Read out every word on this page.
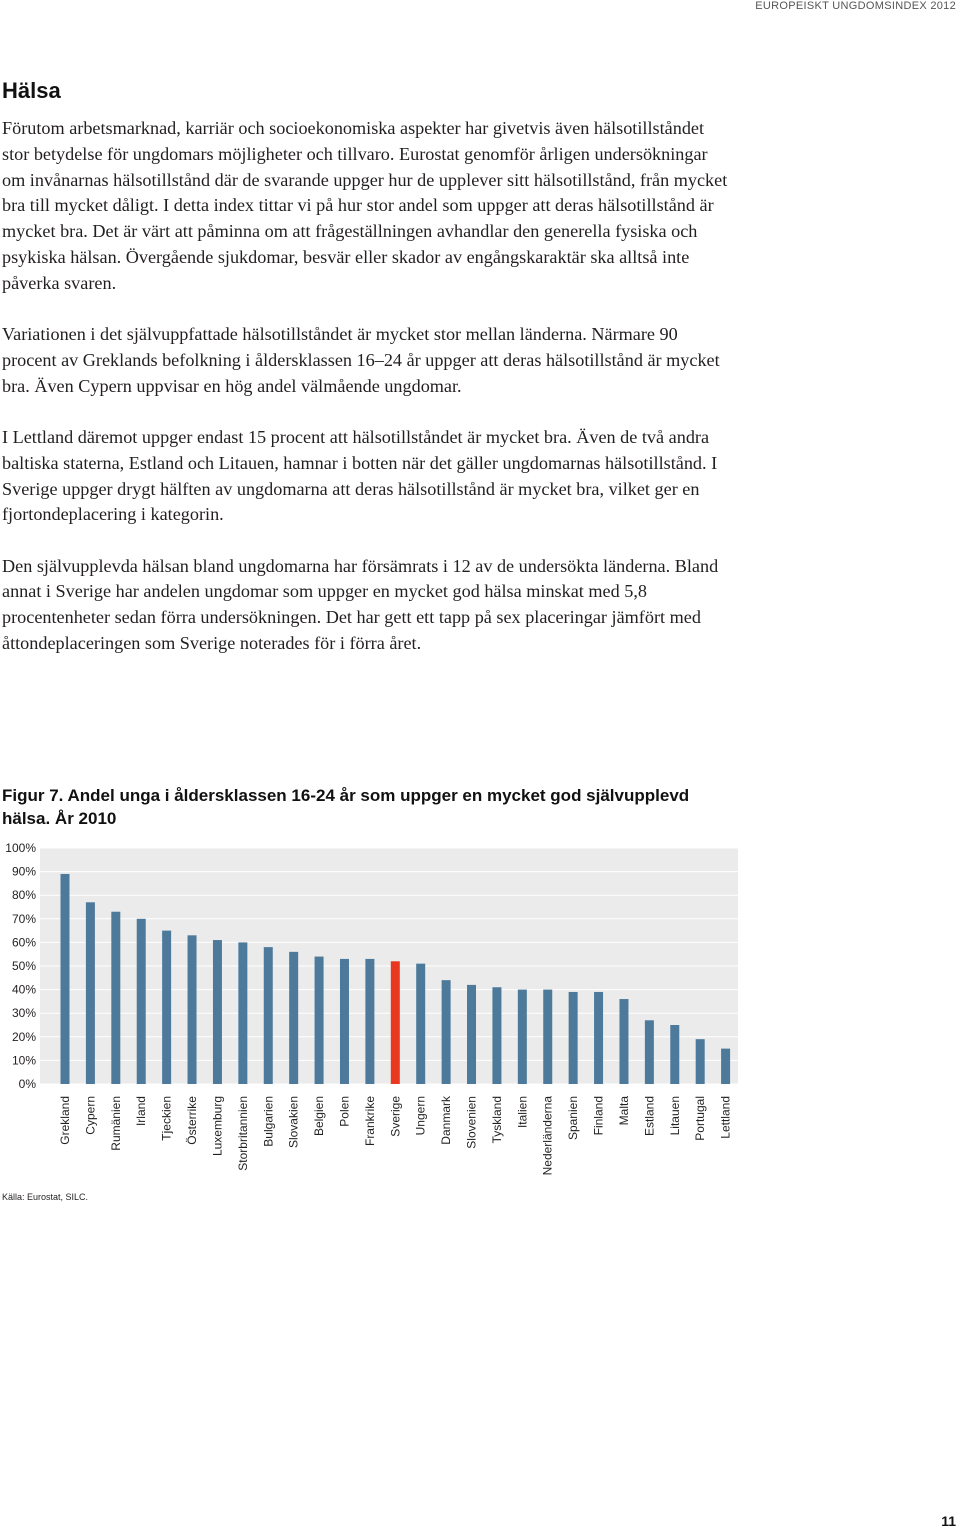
EUROPEISKT UNGDOMSINDEX 2012
Hälsa

Förutom arbetsmarknad, karriär och socioekonomiska aspekter har givetvis även hälsotillståndet stor betydelse för ungdomars möjligheter och tillvaro. Eurostat genomför årligen undersökningar om invånarnas hälsotillstånd där de svarande uppger hur de upplever sitt hälsotillstånd, från mycket bra till mycket dåligt. I detta index tittar vi på hur stor andel som uppger att deras hälsotillstånd är mycket bra. Det är värt att påminna om att frågeställningen avhandlar den generella fysiska och psykiska hälsan. Övergående sjukdomar, besvär eller skador av engångskaraktär ska alltså inte påverka svaren.

Variationen i det självuppfattade hälsotillståndet är mycket stor mellan länderna. Närmare 90 procent av Greklands befolkning i åldersklassen 16–24 år uppger att deras hälsotillstånd är mycket bra. Även Cypern uppvisar en hög andel välmående ungdomar.

I Lettland däremot uppger endast 15 procent att hälsotillståndet är mycket bra. Även de två andra baltiska staterna, Estland och Litauen, hamnar i botten när det gäller ungdomarnas hälsotillstånd. I Sverige uppger drygt hälften av ungdomarna att deras hälsotillstånd är mycket bra, vilket ger en fjortondeplacering i kategorin.

Den självupplevda hälsan bland ungdomarna har försämrats i 12 av de undersökta länderna. Bland annat i Sverige har andelen ungdomar som uppger en mycket god hälsa minskat med 5,8 procentenheter sedan förra undersökningen. Det har gett ett tapp på sex placeringar jämfört med åttondeplaceringen som Sverige noterades för i förra året.

Figur 7. Andel unga i åldersklassen 16-24 år som uppger en mycket god självupplevd hälsa. År 2010
0%
10%
20%
30%
40%
50%
60%
70%
80%
90%
100%
Grekland Cypern Rumänien Irland Tjeckien Österrike Luxemburg Storbritannien Bulgarien Slovakien Belgien Polen Frankrike Sverige Ungern Danmark Slovenien Tyskland Italien Nederländerna Spanien Finland Malta Estland Litauen Portugal Lettland
Källa: Eurostat, SILC.
11
